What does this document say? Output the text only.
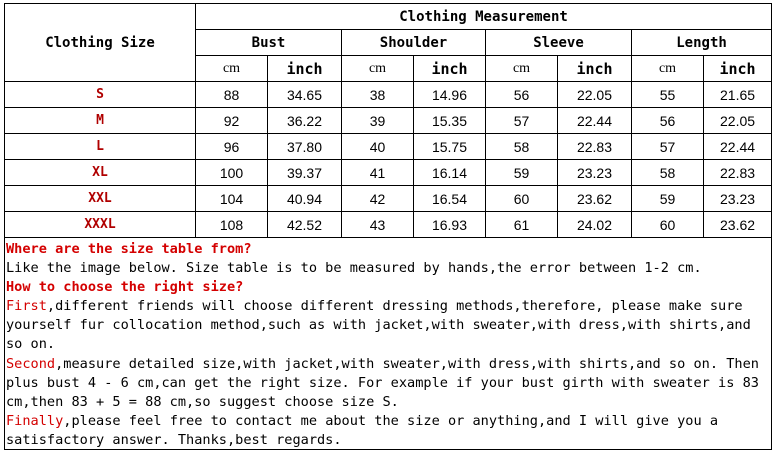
Clothing Size	Clothing Measurement							
	Bust		Shoulder		Sleeve		Length	
	cm	inch	cm	inch	cm	inch	cm	inch
S	88	34.65	38	14.96	56	22.05	55	21.65
M	92	36.22	39	15.35	57	22.44	56	22.05
L	96	37.80	40	15.75	58	22.83	57	22.44
XL	100	39.37	41	16.14	59	23.23	58	22.83
XXL	104	40.94	42	16.54	60	23.62	59	23.23
XXXL	108	42.52	43	16.93	61	24.02	60	23.62
Where are the size table from?
Like the image below. Size table is to be measured by hands,the error between 1-2 cm.
How to choose the right size?

First,different friends will choose different dressing methods,therefore, please make sure yourself fur collocation method,such as with jacket,with sweater,with dress,with shirts,and so on.

Second,measure detailed size,with jacket,with sweater,with dress,with shirts,and so on. Then plus bust 4 - 6 cm,can get the right size. For example if your bust girth with sweater is 83 cm,then 83 + 5 = 88 cm,so suggest choose size S.

Finally,please feel free to contact me about the size or anything,and I will give you a satisfactory answer. Thanks,best regards.
